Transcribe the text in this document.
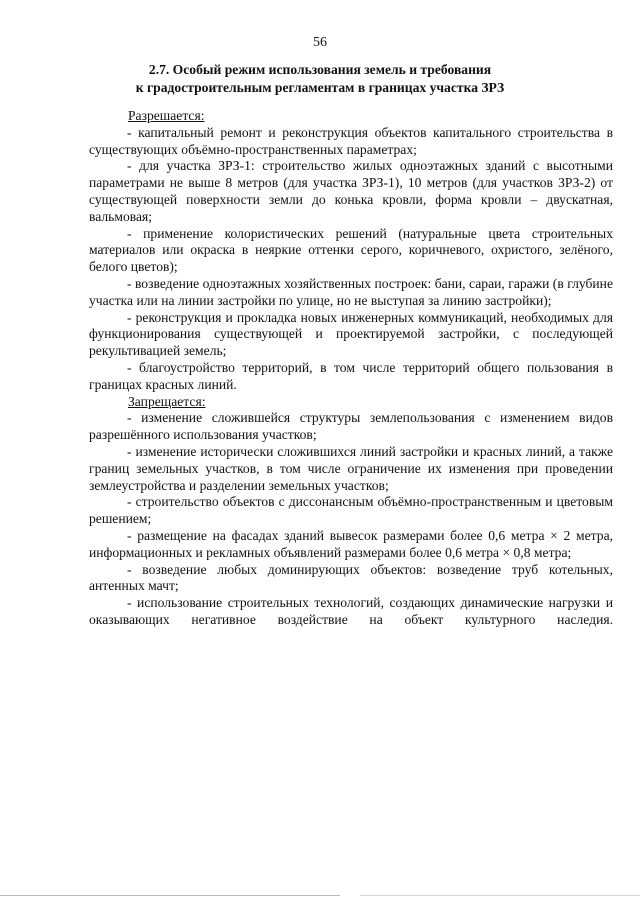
56
2.7. Особый режим использования земель и требования
к градостроительным регламентам в границах участка ЗРЗ
Разрешается:

- капитальный ремонт и реконструкция объектов капитального строительства в существующих объёмно-пространственных параметрах;

- для участка ЗРЗ-1: строительство жилых одноэтажных зданий с высотными параметрами не выше 8 метров (для участка ЗРЗ-1), 10 метров (для участков ЗРЗ-2) от существующей поверхности земли до конька кровли, форма кровли – двускатная, вальмовая;

- применение колористических решений (натуральные цвета строительных материалов или окраска в неяркие оттенки серого, коричневого, охристого, зелёного, белого цветов);

- возведение одноэтажных хозяйственных построек: бани, сараи, гаражи (в глубине участка или на линии застройки по улице, но не выступая за линию застройки);

- реконструкция и прокладка новых инженерных коммуникаций, необходимых для функционирования существующей и проектируемой застройки, с последующей рекультивацией земель;

- благоустройство территорий, в том числе территорий общего пользования в границах красных линий.

Запрещается:

- изменение сложившейся структуры землепользования с изменением видов разрешённого использования участков;

- изменение исторически сложившихся линий застройки и красных линий, а также границ земельных участков, в том числе ограничение их изменения при проведении землеустройства и разделении земельных участков;

- строительство объектов с диссонансным объёмно-пространственным и цветовым решением;

- размещение на фасадах зданий вывесок размерами более 0,6 метра × 2 метра, информационных и рекламных объявлений размерами более 0,6 метра × 0,8 метра;

- возведение любых доминирующих объектов: возведение труб котельных, антенных мачт;

- использование строительных технологий, создающих динамические нагрузки и оказывающих негативное воздействие на объект культурного наследия.
